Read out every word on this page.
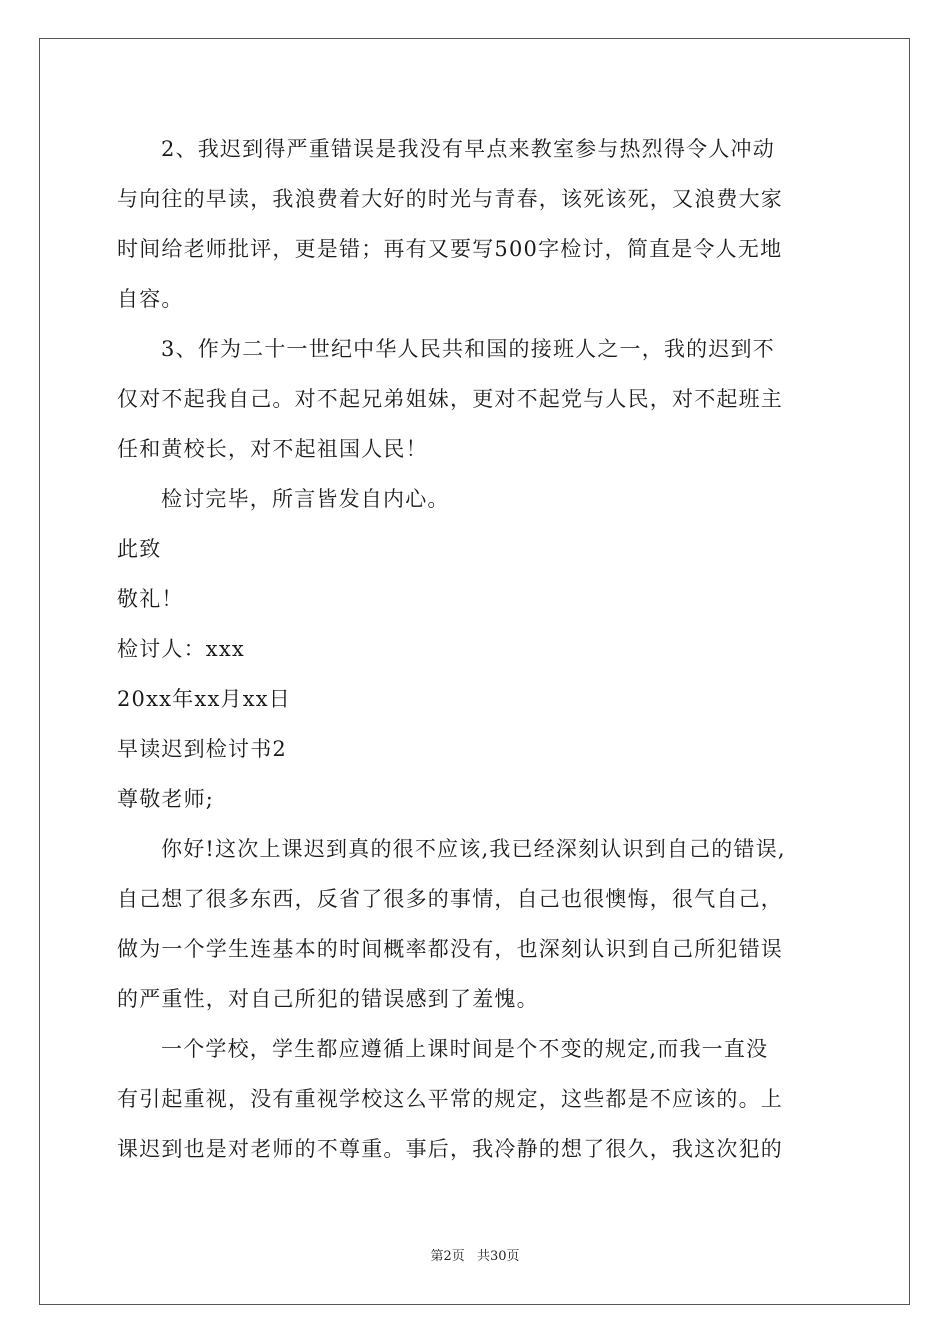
2、我迟到得严重错误是我没有早点来教室参与热烈得令人冲动
与向往的早读，我浪费着大好的时光与青春，该死该死，又浪费大家
时间给老师批评，更是错；再有又要写500字检讨，简直是令人无地
自容。
3、作为二十一世纪中华人民共和国的接班人之一，我的迟到不
仅对不起我自己。对不起兄弟姐妹，更对不起党与人民，对不起班主
任和黄校长，对不起祖国人民！
检讨完毕，所言皆发自内心。
此致
敬礼！
检讨人：xxx
20xx年xx月xx日
早读迟到检讨书2
尊敬老师;
你好!这次上课迟到真的很不应该,我已经深刻认识到自己的错误,
自己想了很多东西，反省了很多的事情，自己也很懊悔，很气自己，
做为一个学生连基本的时间概率都没有，也深刻认识到自己所犯错误
的严重性，对自己所犯的错误感到了羞愧。
一个学校，学生都应遵循上课时间是个不变的规定,而我一直没
有引起重视，没有重视学校这么平常的规定，这些都是不应该的。上
课迟到也是对老师的不尊重。事后，我冷静的想了很久，我这次犯的
第2页 共30页
